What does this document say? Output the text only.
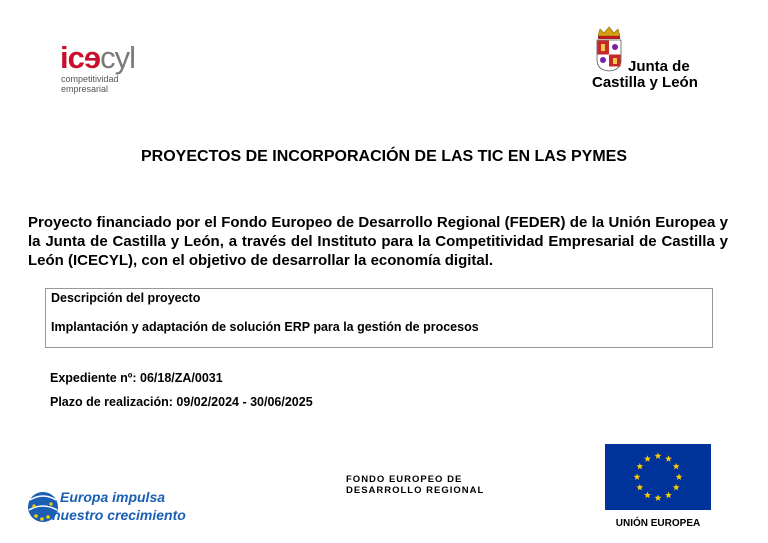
icɘcyl
competitividad
empresarial
Junta de
Castilla y León
PROYECTOS DE INCORPORACIÓN DE LAS TIC EN LAS PYMES
Proyecto financiado por el Fondo Europeo de Desarrollo Regional (FEDER) de la Unión Europea y la Junta de Castilla y León, a través del Instituto para la Competitividad Empresarial de Castilla y León (ICECYL), con el objetivo de desarrollar la economía digital.
Descripción del proyecto
Implantación y adaptación de solución ERP para la gestión de procesos
Expediente nº: 06/18/ZA/0031
Plazo de realización: 09/02/2024 - 30/06/2025
Europa impulsa
nuestro crecimiento
FONDO EUROPEO DE DESARROLLO REGIONAL
UNIÓN EUROPEA
